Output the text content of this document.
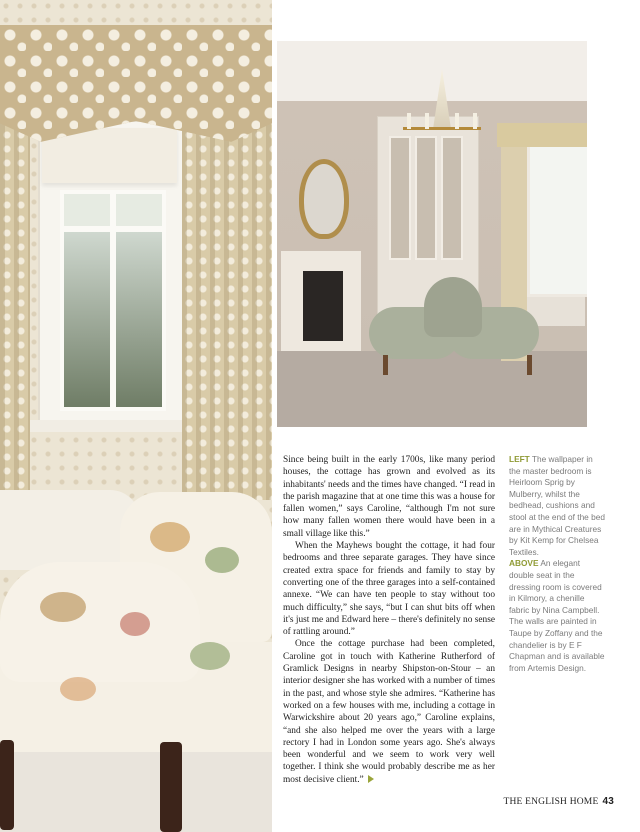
Since being built in the early 1700s, like many period houses, the cottage has grown and evolved as its inhabitants' needs and the times have changed. “I read in the parish magazine that at one time this was a house for fallen women,” says Caroline, “although I'm not sure how many fallen women there would have been in a small village like this.”

When the Mayhews bought the cottage, it had four bedrooms and three separate garages. They have since created extra space for friends and family to stay by converting one of the three garages into a self-contained annexe. “We can have ten people to stay without too much difficulty,” she says, “but I can shut bits off when it's just me and Edward here – there's definitely no sense of rattling around.”

Once the cottage purchase had been completed, Caroline got in touch with Katherine Rutherford of Gramlick Designs in nearby Shipston-on-Stour – an interior designer she has worked with a number of times in the past, and whose style she admires. “Katherine has worked on a few houses with me, including a cottage in Warwickshire about 20 years ago,” Caroline explains, “and she also helped me over the years with a large rectory I had in London some years ago. She's always been wonderful and we seem to work very well together. I think she would probably describe me as her most decisive client.”

LEFT The wallpaper in the master bedroom is Heirloom Sprig by Mulberry, whilst the bedhead, cushions and stool at the end of the bed are in Mythical Creatures by Kit Kemp for Chelsea Textiles.

ABOVE An elegant double seat in the dressing room is covered in Kilmory, a chenille fabric by Nina Campbell. The walls are painted in Taupe by Zoffany and the chandelier is by E F Chapman and is available from Artemis Design.

THE ENGLISH HOME 43
